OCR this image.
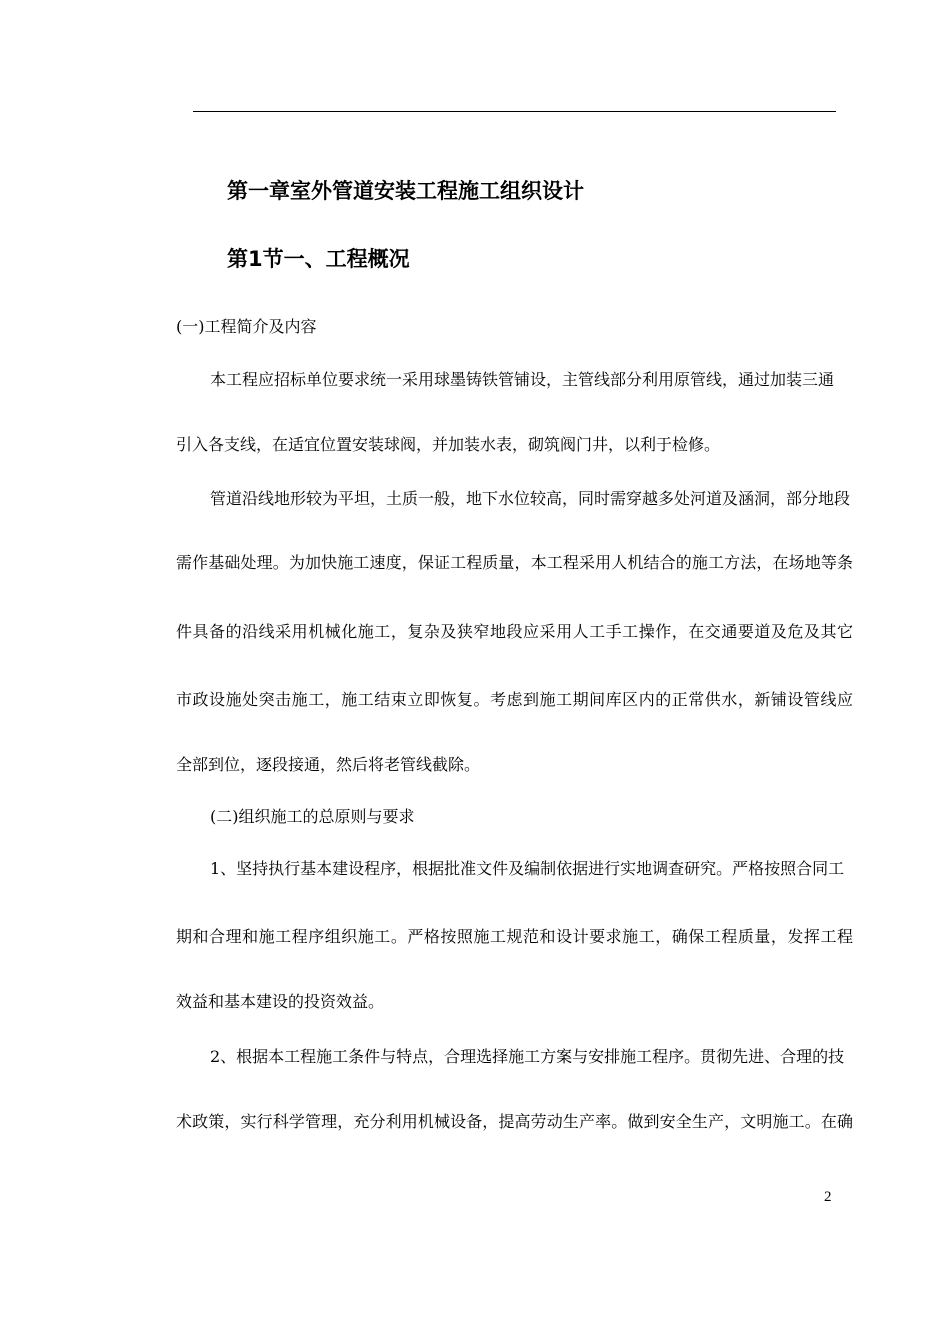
第一章室外管道安装工程施工组织设计
第1节一、工程概况
(一)工程简介及内容
本工程应招标单位要求统一采用球墨铸铁管铺设，主管线部分利用原管线，通过加装三通
引入各支线，在适宜位置安装球阀，并加装水表，砌筑阀门井，以利于检修。
管道沿线地形较为平坦，土质一般，地下水位较高，同时需穿越多处河道及涵洞，部分地段
需作基础处理。为加快施工速度，保证工程质量，本工程采用人机结合的施工方法，在场地等条
件具备的沿线采用机械化施工，复杂及狭窄地段应采用人工手工操作，在交通要道及危及其它
市政设施处突击施工，施工结束立即恢复。考虑到施工期间库区内的正常供水，新铺设管线应
全部到位，逐段接通，然后将老管线截除。
(二)组织施工的总原则与要求
1、坚持执行基本建设程序，根据批准文件及编制依据进行实地调查研究。严格按照合同工
期和合理和施工程序组织施工。严格按照施工规范和设计要求施工，确保工程质量，发挥工程
效益和基本建设的投资效益。
2、根据本工程施工条件与特点，合理选择施工方案与安排施工程序。贯彻先进、合理的技
术政策，实行科学管理，充分利用机械设备，提高劳动生产率。做到安全生产，文明施工。在确
2
